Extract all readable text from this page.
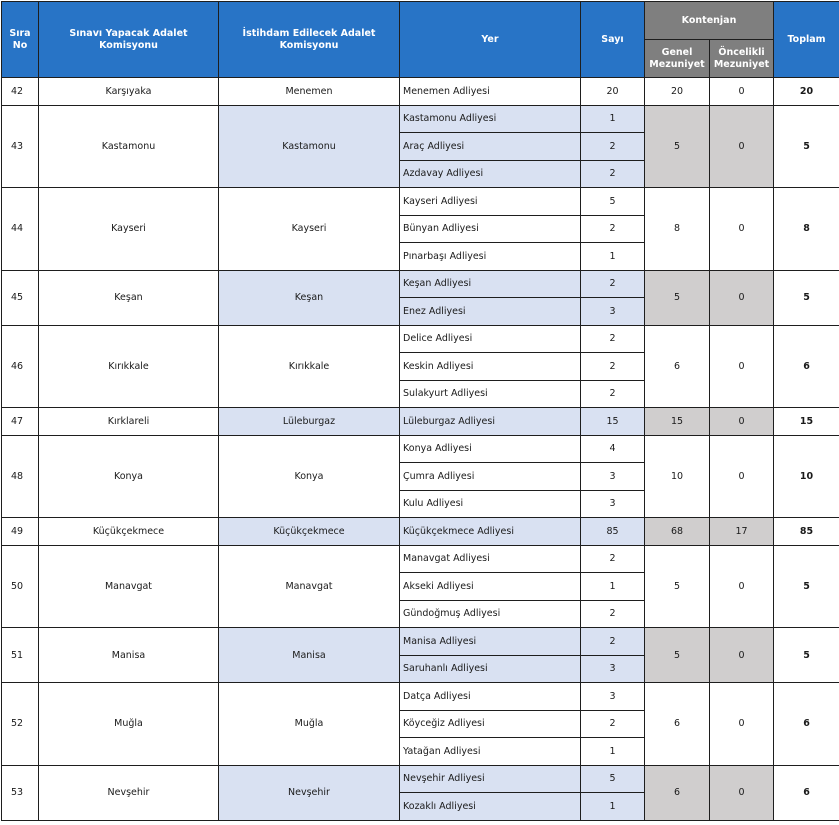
Sıra No	Sınavı Yapacak Adalet Komisyonu	İstihdam Edilecek Adalet Komisyonu	Yer	Sayı	Kontenjan		Toplam
					Genel Mezuniyet	Öncelikli Mezuniyet	
42	Karşıyaka	Menemen	Menemen Adliyesi	20	20	0	20
43	Kastamonu	Kastamonu	Kastamonu Adliyesi	1	5	0	5
			Araç Adliyesi	2			
			Azdavay Adliyesi	2			
44	Kayseri	Kayseri	Kayseri Adliyesi	5	8	0	8
			Bünyan Adliyesi	2			
			Pınarbaşı Adliyesi	1			
45	Keşan	Keşan	Keşan Adliyesi	2	5	0	5
			Enez Adliyesi	3			
46	Kırıkkale	Kırıkkale	Delice Adliyesi	2	6	0	6
			Keskin Adliyesi	2			
			Sulakyurt Adliyesi	2			
47	Kırklareli	Lüleburgaz	Lüleburgaz Adliyesi	15	15	0	15
48	Konya	Konya	Konya Adliyesi	4	10	0	10
			Çumra Adliyesi	3			
			Kulu Adliyesi	3			
49	Küçükçekmece	Küçükçekmece	Küçükçekmece Adliyesi	85	68	17	85
50	Manavgat	Manavgat	Manavgat Adliyesi	2	5	0	5
			Akseki Adliyesi	1			
			Gündoğmuş Adliyesi	2			
51	Manisa	Manisa	Manisa Adliyesi	2	5	0	5
			Saruhanlı Adliyesi	3			
52	Muğla	Muğla	Datça Adliyesi	3	6	0	6
			Köyceğiz Adliyesi	2			
			Yatağan Adliyesi	1			
53	Nevşehir	Nevşehir	Nevşehir Adliyesi	5	6	0	6
			Kozaklı Adliyesi	1			
